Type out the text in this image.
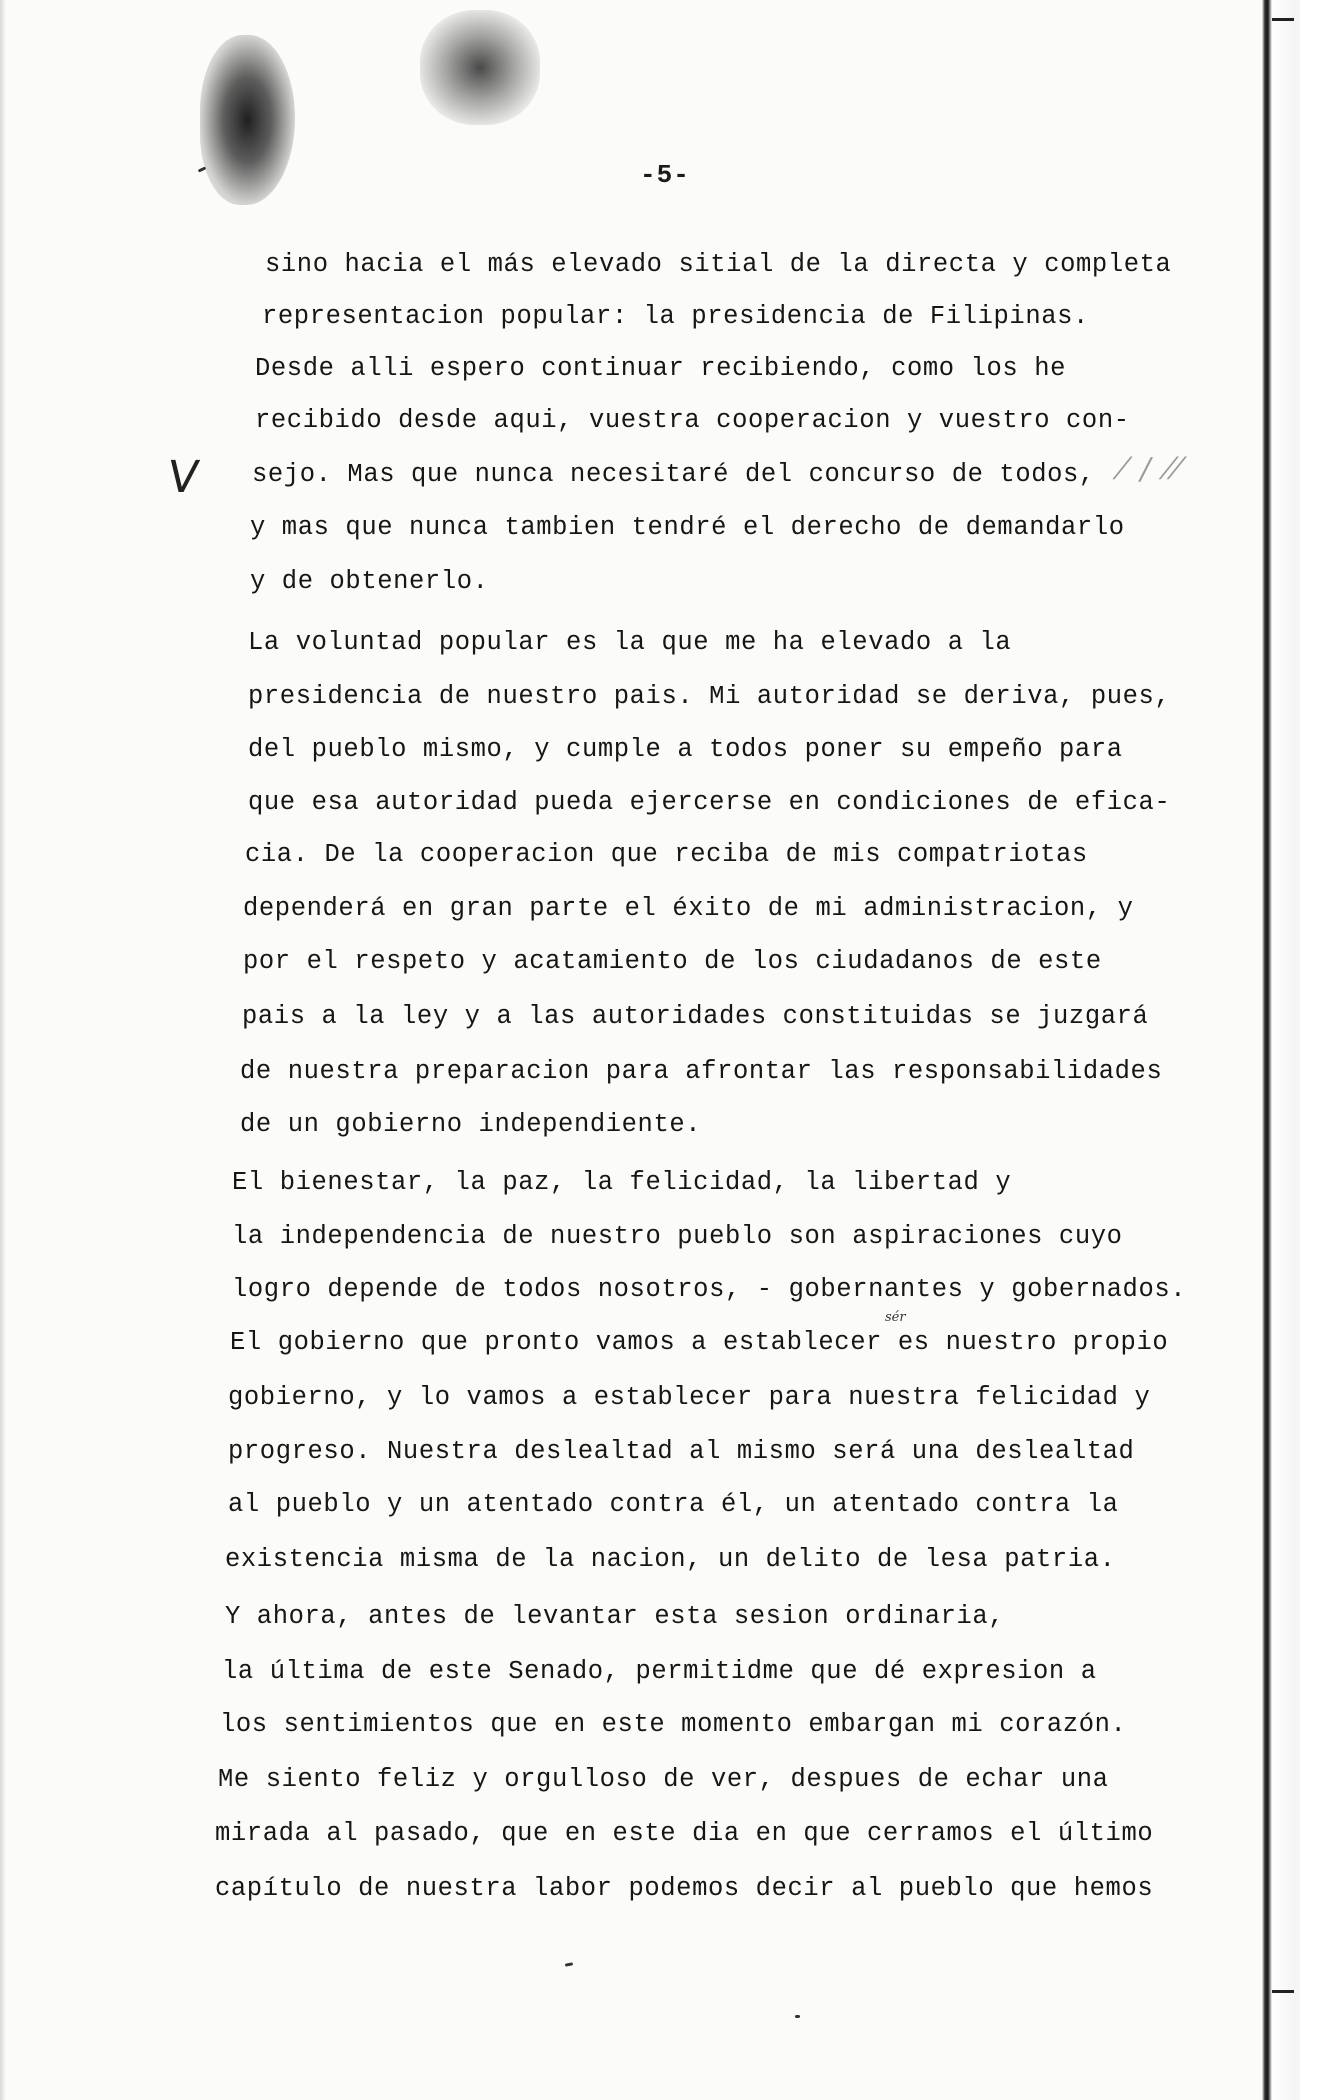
-5-
V	⁄ ∕ ⁄⁄
sér
sino hacia el más elevado sitial de la directa y completa
representacion popular: la presidencia de Filipinas.
Desde alli espero continuar recibiendo, como los he
recibido desde aqui, vuestra cooperacion y vuestro con-
sejo. Mas que nunca necesitaré del concurso de todos,
y mas que nunca tambien tendré el derecho de demandarlo
y de obtenerlo.
La voluntad popular es la que me ha elevado a la
presidencia de nuestro pais. Mi autoridad se deriva, pues,
del pueblo mismo, y cumple a todos poner su empeño para
que esa autoridad pueda ejercerse en condiciones de efica-
cia. De la cooperacion que reciba de mis compatriotas
dependerá en gran parte el éxito de mi administracion, y
por el respeto y acatamiento de los ciudadanos de este
pais a la ley y a las autoridades constituidas se juzgará
de nuestra preparacion para afrontar las responsabilidades
de un gobierno independiente.
El bienestar, la paz, la felicidad, la libertad y
la independencia de nuestro pueblo son aspiraciones cuyo
logro depende de todos nosotros, - gobernantes y gobernados.
El gobierno que pronto vamos a establecer es nuestro propio
gobierno, y lo vamos a establecer para nuestra felicidad y
progreso. Nuestra deslealtad al mismo será una deslealtad
al pueblo y un atentado contra él, un atentado contra la
existencia misma de la nacion, un delito de lesa patria.
Y ahora, antes de levantar esta sesion ordinaria,
la última de este Senado, permitidme que dé expresion a
los sentimientos que en este momento embargan mi corazón.
Me siento feliz y orgulloso de ver, despues de echar una
mirada al pasado, que en este dia en que cerramos el último
capítulo de nuestra labor podemos decir al pueblo que hemos
